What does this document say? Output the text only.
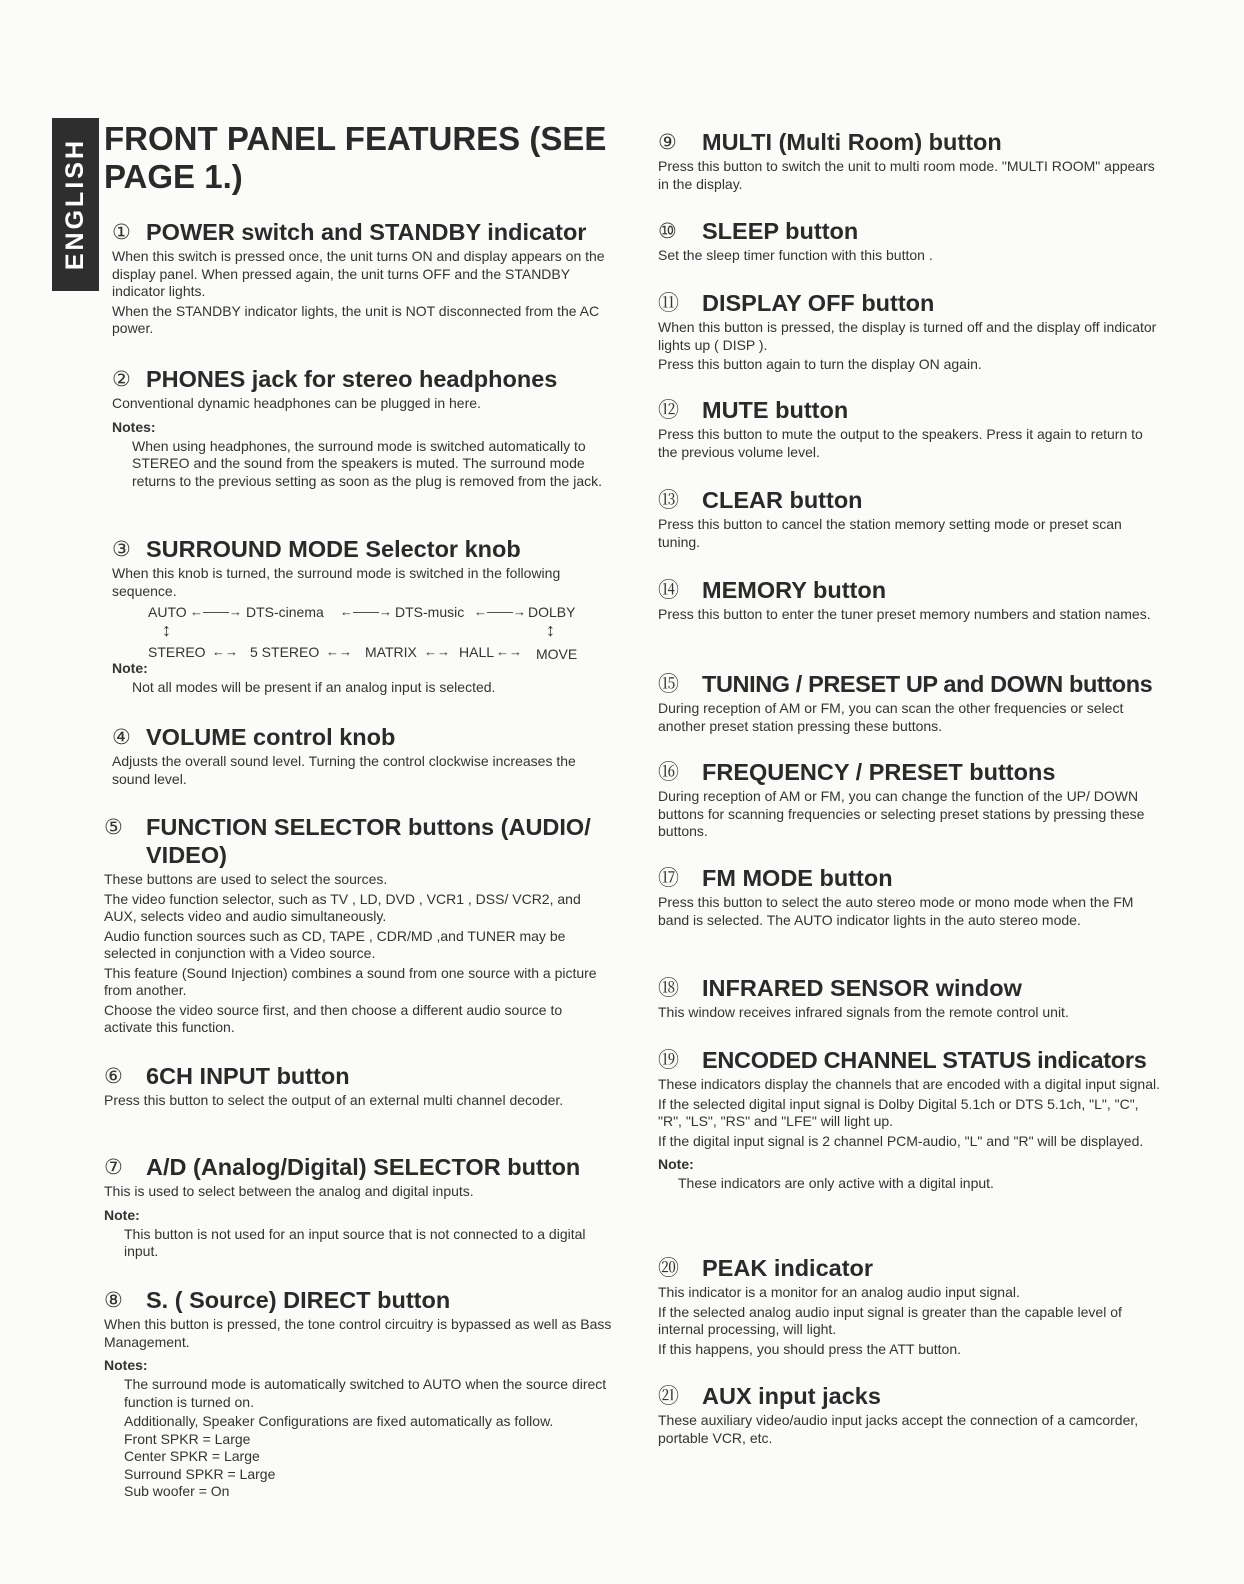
ENGLISH FRONT PANEL FEATURES (SEE PAGE 1.)
① POWER switch and STANDBY indicator

When this switch is pressed once, the unit turns ON and display appears on the display panel. When pressed again, the unit turns OFF and the STANDBY indicator lights.

When the STANDBY indicator lights, the unit is NOT disconnected from the AC power.

② PHONES jack for stereo headphones

Conventional dynamic headphones can be plugged in here.

Notes:

When using headphones, the surround mode is switched automatically to STEREO and the sound from the speakers is muted. The surround mode returns to the previous setting as soon as the plug is removed from the jack.

③ SURROUND MODE Selector knob

When this knob is turned, the surround mode is switched in the following sequence.

AUTO ←——→ DTS-cinema ←——→ DTS-music ←——→ DOLBY
↕	↕
STEREO ←→ 5 STEREO ←→ MATRIX ←→ HALL ←→ MOVE

Note:

Not all modes will be present if an analog input is selected.

④ VOLUME control knob

Adjusts the overall sound level. Turning the control clockwise increases the sound level.

⑤ FUNCTION SELECTOR buttons (AUDIO/ VIDEO)

These buttons are used to select the sources.

The video function selector, such as TV , LD, DVD , VCR1 , DSS/ VCR2, and AUX, selects video and audio simultaneously.

Audio function sources such as CD, TAPE , CDR/MD ,and TUNER may be selected in conjunction with a Video source.

This feature (Sound Injection) combines a sound from one source with a picture from another.

Choose the video source first, and then choose a different audio source to activate this function.

⑥ 6CH INPUT button

Press this button to select the output of an external multi channel decoder.

⑦ A/D (Analog/Digital) SELECTOR button

This is used to select between the analog and digital inputs.

Note:

This button is not used for an input source that is not connected to a digital input.

⑧ S. ( Source) DIRECT button

When this button is pressed, the tone control circuitry is bypassed as well as Bass Management.

Notes:

The surround mode is automatically switched to AUTO when the source direct function is turned on.

Additionally, Speaker Configurations are fixed automatically as follow.

Front SPKR = Large

Center SPKR = Large

Surround SPKR = Large

Sub woofer = On

⑨	MULTI (Multi Room) button

Press this button to switch the unit to multi room mode. "MULTI ROOM" appears in the display.

⑩	SLEEP button

Set the sleep timer function with this button .

⑪ DISPLAY OFF button

When this button is pressed, the display is turned off and the display off indicator lights up ( DISP ).

Press this button again to turn the display ON again.

⑫ MUTE button

Press this button to mute the output to the speakers. Press it again to return to the previous volume level.

⑬ CLEAR button

Press this button to cancel the station memory setting mode or preset scan tuning.

⑭ MEMORY button

Press this button to enter the tuner preset memory numbers and station names.

⑮ TUNING / PRESET UP and DOWN buttons

During reception of AM or FM, you can scan the other frequencies or select another preset station pressing these buttons.

⑯ FREQUENCY / PRESET buttons

During reception of AM or FM, you can change the function of the UP/ DOWN buttons for scanning frequencies or selecting preset stations by pressing these buttons.

⑰ FM MODE button

Press this button to select the auto stereo mode or mono mode when the FM band is selected. The AUTO indicator lights in the auto stereo mode.

⑱ INFRARED SENSOR window

This window receives infrared signals from the remote control unit.

⑲ ENCODED CHANNEL STATUS indicators

These indicators display the channels that are encoded with a digital input signal.

If the selected digital input signal is Dolby Digital 5.1ch or DTS 5.1ch, "L", "C", "R", "LS", "RS" and "LFE" will light up.

If the digital input signal is 2 channel PCM-audio, "L" and "R" will be displayed.

Note:

These indicators are only active with a digital input.

⑳ PEAK indicator

This indicator is a monitor for an analog audio input signal.

If the selected analog audio input signal is greater than the capable level of internal processing, will light.

If this happens, you should press the ATT button.

㉑ AUX input jacks

These auxiliary video/audio input jacks accept the connection of a camcorder, portable VCR, etc.
